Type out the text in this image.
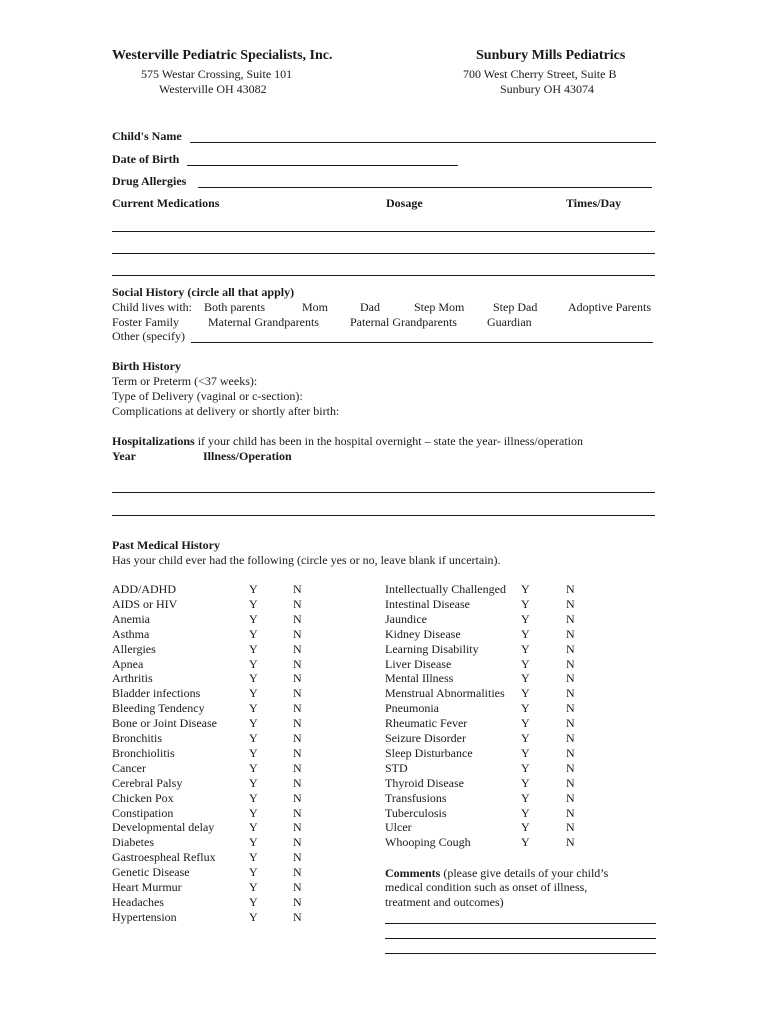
Westerville Pediatric Specialists, Inc.
575 Westar Crossing, Suite 101
Westerville OH 43082
Sunbury Mills Pediatrics
700 West Cherry Street, Suite B
Sunbury OH 43074
Child's Name
Date of Birth
Drug Allergies
Current Medications	Dosage	Times/Day
Social History (circle all that apply)
Child lives with: Both parents	Mom	Dad	Step Mom Step Dad	Adoptive Parents
Foster Family Maternal Grandparents	Paternal Grandparents	Guardian
Other (specify)
Birth History
Term or Preterm (<37 weeks):
Type of Delivery (vaginal or c-section):
Complications at delivery or shortly after birth:
Hospitalizations if your child has been in the hospital overnight – state the year- illness/operation
Year	Illness/Operation
Past Medical History
Has your child ever had the following (circle yes or no, leave blank if uncertain).
ADD/ADHD	Y	N
AIDS or HIV	Y	N
Anemia	Y	N
Asthma	Y	N
Allergies	Y	N
Apnea	Y	N
Arthritis	Y	N
Bladder infections	Y	N
Bleeding Tendency	Y	N
Bone or Joint Disease	Y	N
Bronchitis	Y	N
Bronchiolitis	Y	N
Cancer	Y	N
Cerebral Palsy	Y	N
Chicken Pox	Y	N
Constipation	Y	N
Developmental delay	Y	N
Diabetes	Y	N
Gastroespheal Reflux	Y	N
Genetic Disease	Y	N
Heart Murmur	Y	N
Headaches	Y	N
Hypertension	Y	N
Intellectually Challenged Y	N
Intestinal Disease	Y	N
Jaundice	Y	N
Kidney Disease	Y	N
Learning Disability	Y	N
Liver Disease	Y	N
Mental Illness	Y	N
Menstrual Abnormalities Y	N
Pneumonia	Y	N
Rheumatic Fever	Y	N
Seizure Disorder	Y	N
Sleep Disturbance	Y	N
STD	Y	N
Thyroid Disease	Y	N
Transfusions	Y	N
Tuberculosis	Y	N
Ulcer	Y	N
Whooping Cough	Y	N
Comments (please give details of your child’s
medical condition such as onset of illness,
treatment and outcomes)
